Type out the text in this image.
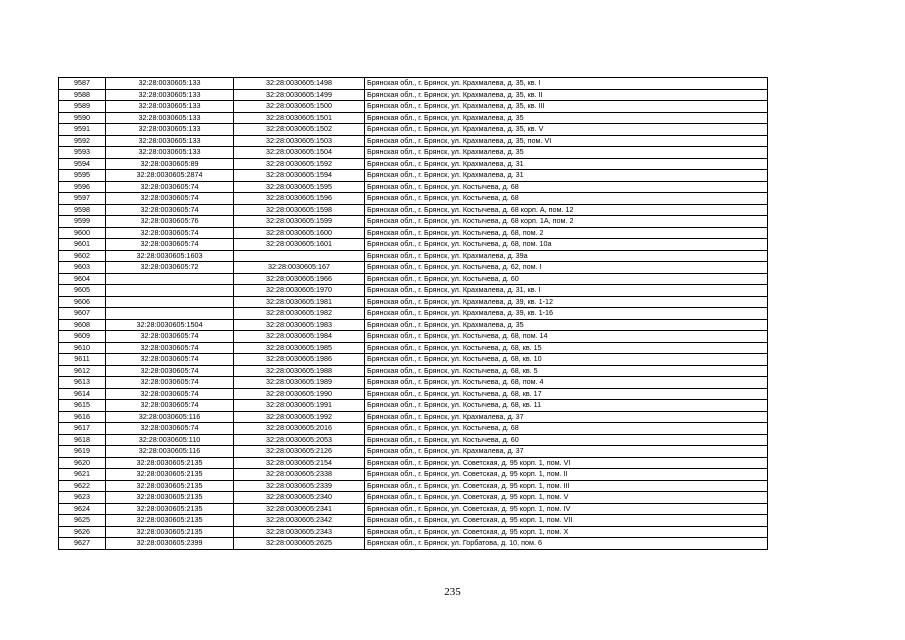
9587	32:28:0030605:133	32:28:0030605:1498	Брянская обл., г. Брянск, ул. Крахмалева, д. 35, кв. I
9588	32:28:0030605:133	32:28:0030605:1499	Брянская обл., г. Брянск, ул. Крахмалева, д. 35, кв. II
9589	32:28:0030605:133	32:28:0030605:1500	Брянская обл., г. Брянск, ул. Крахмалева, д. 35, кв. III
9590	32:28:0030605:133	32:28:0030605:1501	Брянская обл., г. Брянск, ул. Крахмалева, д. 35
9591	32:28:0030605:133	32:28:0030605:1502	Брянская обл., г. Брянск, ул. Крахмалева, д. 35, кв. V
9592	32:28:0030605:133	32:28:0030605:1503	Брянская обл., г. Брянск, ул. Крахмалева, д. 35, пом. VI
9593	32:28:0030605:133	32:28:0030605:1504	Брянская обл., г. Брянск, ул. Крахмалева, д. 35
9594	32:28:0030605:89	32:28:0030605:1592	Брянская обл., г. Брянск, ул. Крахмалева, д. 31
9595	32:28:0030605:2874	32:28:0030605:1594	Брянская обл., г. Брянск, ул. Крахмалева, д. 31
9596	32:28:0030605:74	32:28:0030605:1595	Брянская обл., г. Брянск, ул. Костычева, д. 68
9597	32:28:0030605:74	32:28:0030605:1596	Брянская обл., г. Брянск, ул. Костычева, д. 68
9598	32:28:0030605:74	32:28:0030605:1598	Брянская обл., г. Брянск, ул. Костычева, д. 68 корп. А, пом. 12
9599	32:28:0030605:76	32:28:0030605:1599	Брянская обл., г. Брянск, ул. Костычева, д. 68 корп. 1А, пом. 2
9600	32:28:0030605:74	32:28:0030605:1600	Брянская обл., г. Брянск, ул. Костычева, д. 68, пом. 2
9601	32:28:0030605:74	32:28:0030605:1601	Брянская обл., г. Брянск, ул. Костычева, д. 68, пом. 10а
9602	32:28:0030605:1603		Брянская обл., г. Брянск, ул. Крахмалева, д. 39а
9603	32:28:0030605:72	32:28:0030605:167	Брянская обл., г. Брянск, ул. Костычева, д. 62, пом. I
9604		32:28:0030605:1966	Брянская обл., г. Брянск, ул. Костычева, д. 60
9605		32:28:0030605:1970	Брянская обл., г. Брянск, ул. Крахмалева, д. 31, кв. I
9606		32:28:0030605:1981	Брянская обл., г. Брянск, ул. Крахмалева, д. 39, кв. 1-12
9607		32:28:0030605:1982	Брянская обл., г. Брянск, ул. Крахмалева, д. 39, кв. 1-16
9608	32:28:0030605:1504	32:28:0030605:1983	Брянская обл., г. Брянск, ул. Крахмалева, д. 35
9609	32:28:0030605:74	32:28:0030605:1984	Брянская обл., г. Брянск, ул. Костычева, д. 68, пом. 14
9610	32:28:0030605:74	32:28:0030605:1985	Брянская обл., г. Брянск, ул. Костычева, д. 68, кв. 15
9611	32:28:0030605:74	32:28:0030605:1986	Брянская обл., г. Брянск, ул. Костычева, д. 68, кв. 10
9612	32:28:0030605:74	32:28:0030605:1988	Брянская обл., г. Брянск, ул. Костычева, д. 68, кв. 5
9613	32:28:0030605:74	32:28:0030605:1989	Брянская обл., г. Брянск, ул. Костычева, д. 68, пом. 4
9614	32:28:0030605:74	32:28:0030605:1990	Брянская обл., г. Брянск, ул. Костычева, д. 68, кв. 17
9615	32:28:0030605:74	32:28:0030605:1991	Брянская обл., г. Брянск, ул. Костычева, д. 68, кв. 11
9616	32:28:0030605:116	32:28:0030605:1992	Брянская обл., г. Брянск, ул. Крахмалева, д. 37
9617	32:28:0030605:74	32:28:0030605:2016	Брянская обл., г. Брянск, ул. Костычева, д. 68
9618	32:28:0030605:110	32:28:0030605:2053	Брянская обл., г. Брянск, ул. Костычева, д. 60
9619	32:28:0030605:116	32:28:0030605:2126	Брянская обл., г. Брянск, ул. Крахмалева, д. 37
9620	32:28:0030605:2135	32:28:0030605:2154	Брянская обл., г. Брянск, ул. Советская, д. 95 корп. 1, пом. VI
9621	32:28:0030605:2135	32:28:0030605:2338	Брянская обл., г. Брянск, ул. Советская, д. 95 корп. 1, пом. II
9622	32:28:0030605:2135	32:28:0030605:2339	Брянская обл., г. Брянск, ул. Советская, д. 95 корп. 1, пом. III
9623	32:28:0030605:2135	32:28:0030605:2340	Брянская обл., г. Брянск, ул. Советская, д. 95 корп. 1, пом. V
9624	32:28:0030605:2135	32:28:0030605:2341	Брянская обл., г. Брянск, ул. Советская, д. 95 корп. 1, пом. IV
9625	32:28:0030605:2135	32:28:0030605:2342	Брянская обл., г. Брянск, ул. Советская, д. 95 корп. 1, пом. VII
9626	32:28:0030605:2135	32:28:0030605:2343	Брянская обл., г. Брянск, ул. Советская, д. 95 корп. 1, пом. Х
9627	32:28:0030605:2399	32:28:0030605:2625	Брянская обл., г. Брянск, ул. Горбатова, д. 10, пом. 6
235
